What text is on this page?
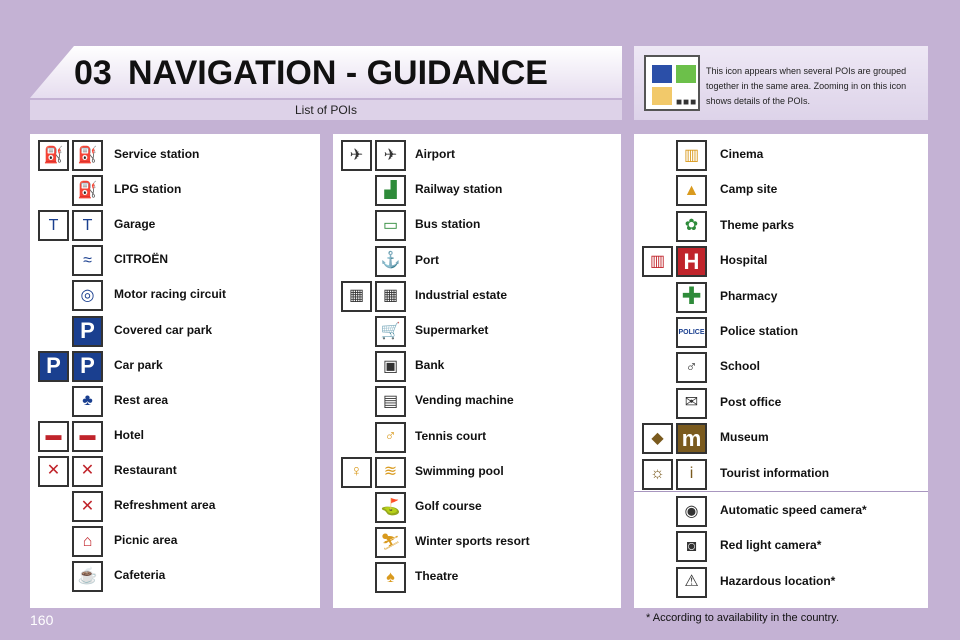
03 NAVIGATION - GUIDANCE
List of POIs
■■■
This icon appears when several POIs are grouped together in the same area. Zooming in on this icon shows details of the POIs.
⛽ ⛽	Service station
⛽	LPG station
T	T	Garage
≈	CITROËN
◎	Motor racing circuit
P	Covered car park
P P	Car park
♣	Rest area
▬	▬	Hotel
✕	✕	Restaurant
✕	Refreshment area
⌂	Picnic area
☕	Cafeteria
✈	✈	Airport
▟	Railway station
▭	Bus station
⚓	Port
▦	▦	Industrial estate
🛒	Supermarket
▣	Bank
▤	Vending machine
♂	Tennis court
♀	≋	Swimming pool
⛳	Golf course
⛷	Winter sports resort
♠	Theatre
▥	Cinema
▲	Camp site
✿	Theme parks
▥ H	Hospital
✚	Pharmacy
POLICE Police station
♂	School
✉	Post office
◆ m	Museum
☼	i	Tourist information
◉	Automatic speed camera*
◙	Red light camera*
⚠	Hazardous location*
* According to availability in the country.
160
